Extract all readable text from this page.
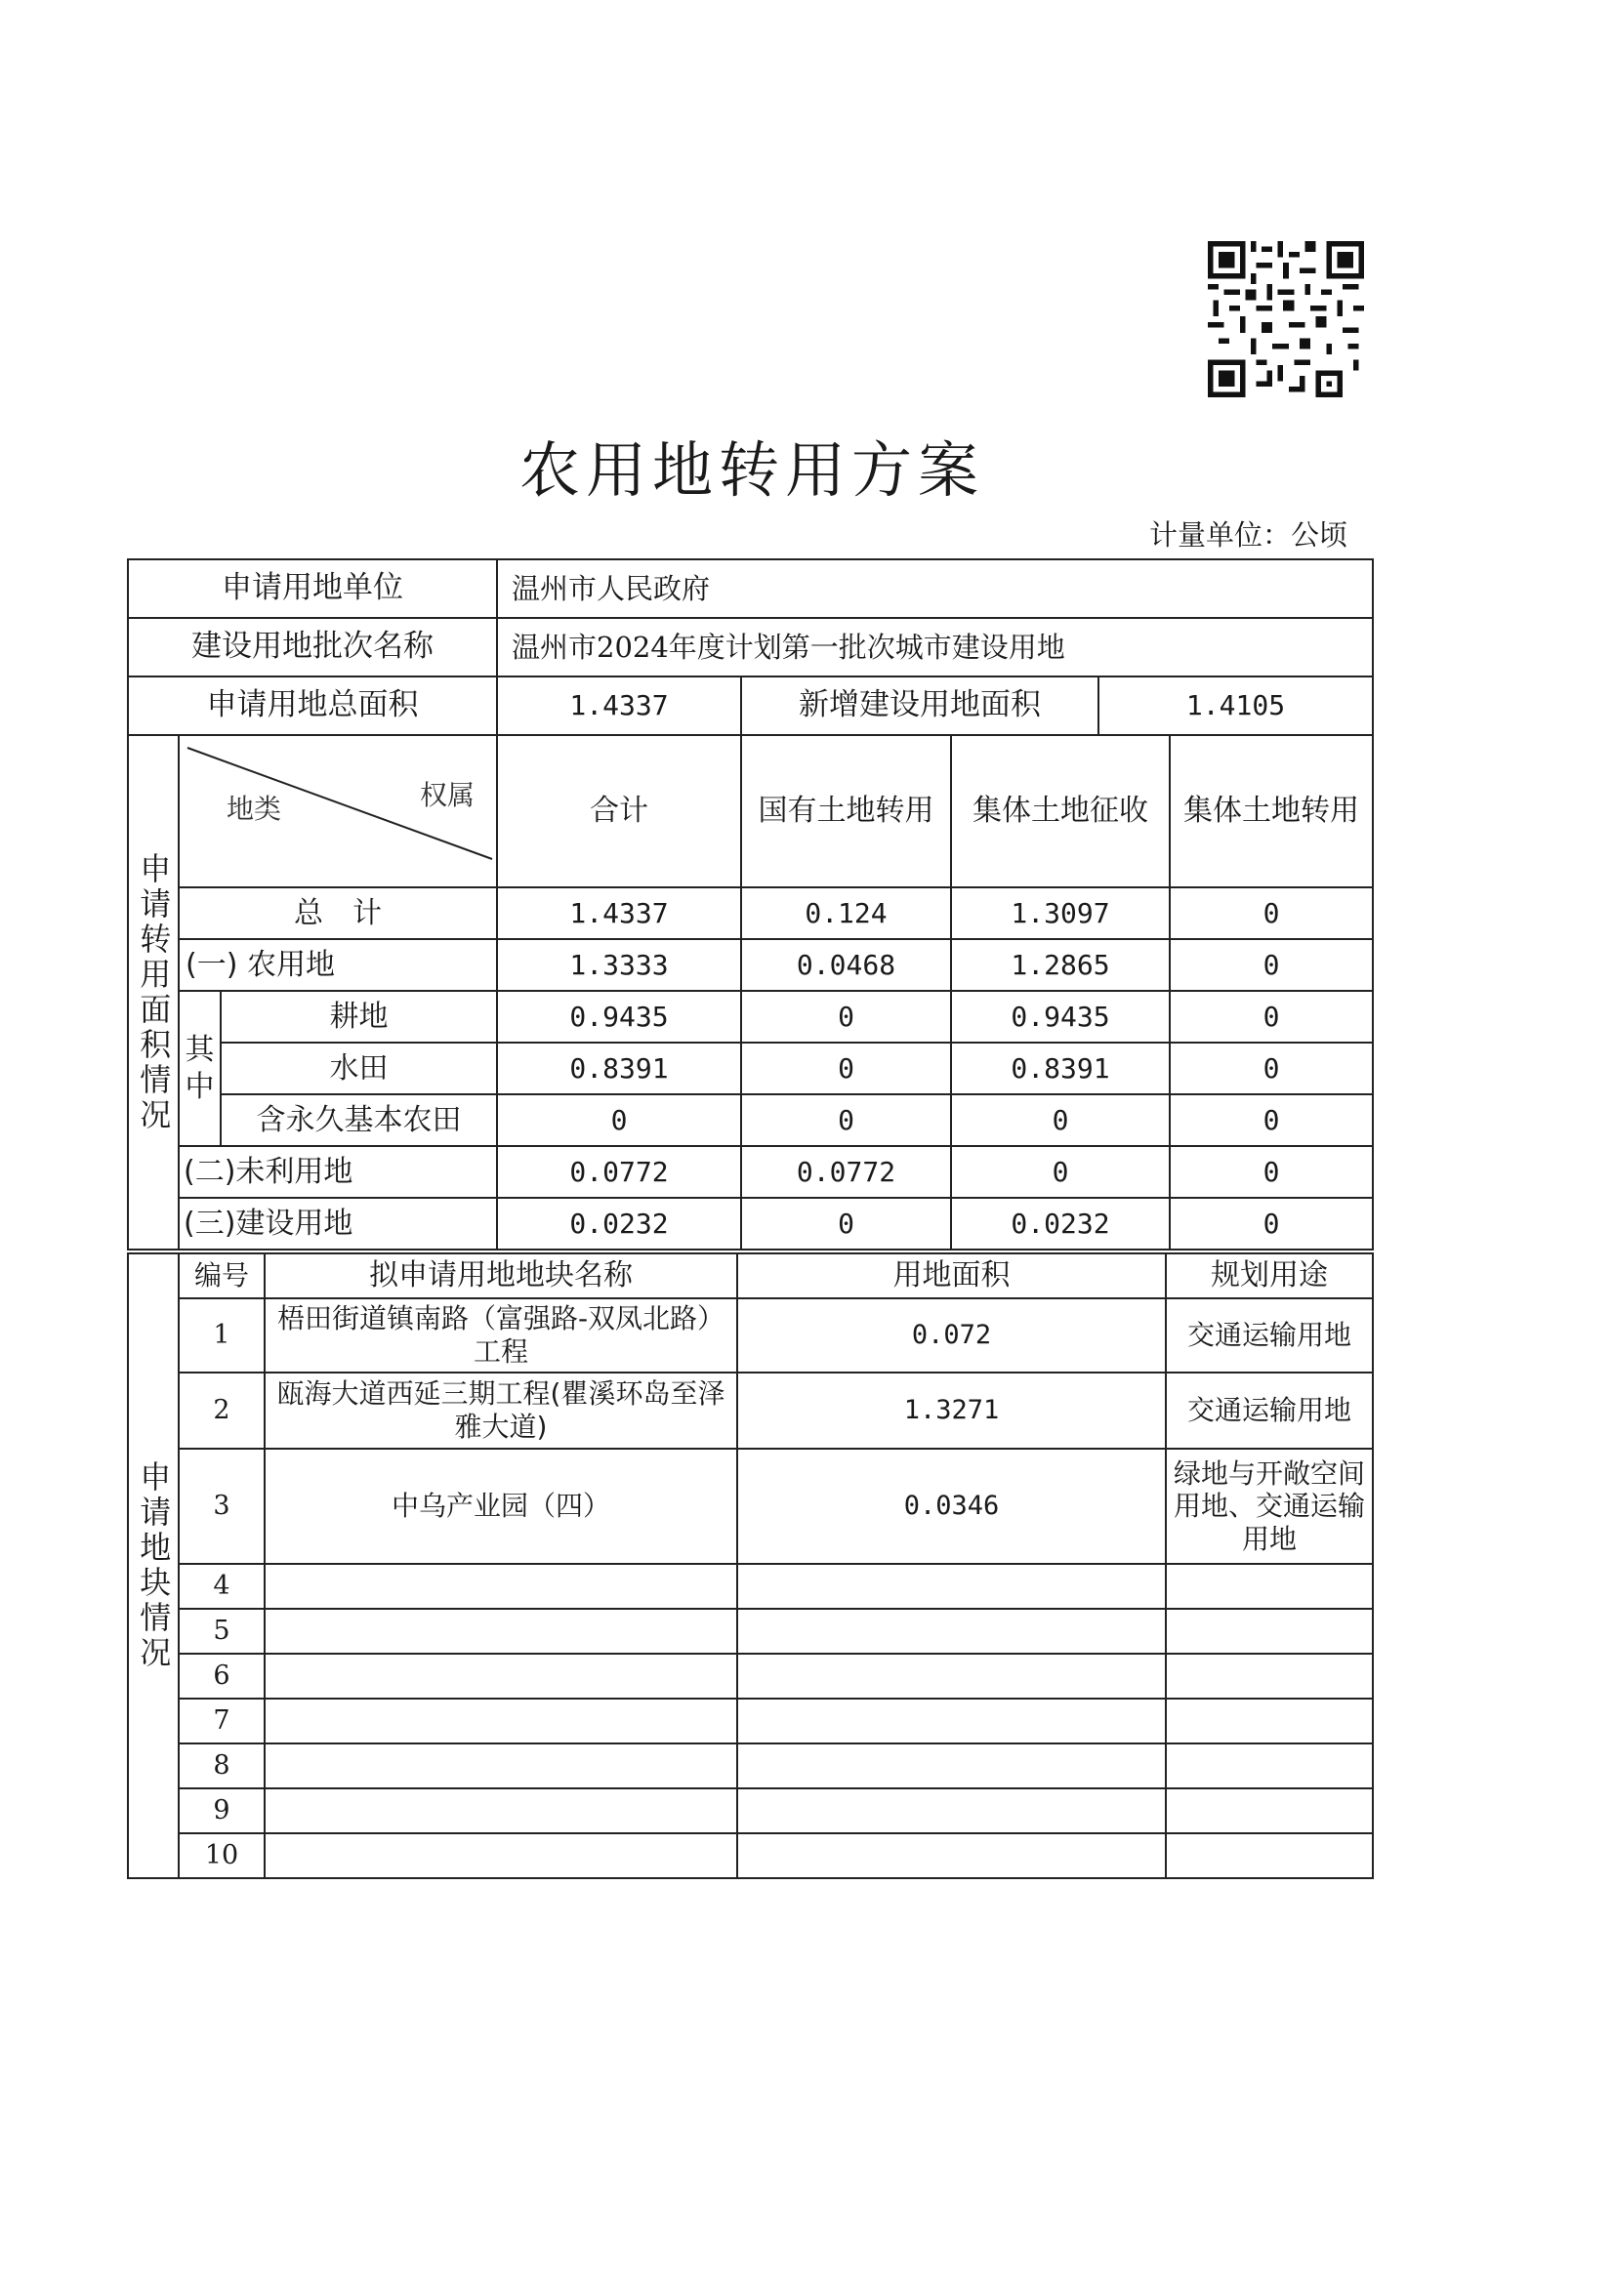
农用地转用方案
计量单位：公顷
申请用地单位	温州市人民政府		
建设用地批次名称	温州市2024年度计划第一批次城市建设用地		
申请用地总面积	1.4337	新增建设用地面积	1.4105
申请转用面积情况	地类 权属		合计	国有土地转用	集体土地征收	集体土地转用
	总　计		1.4337	0.124	1.3097	0
	(一) 农用地		1.3333	0.0468	1.2865	0
	其中	耕地	0.9435	0	0.9435	0
		水田	0.8391	0	0.8391	0
		含永久基本农田	0	0	0	0
	(二)未利用地		0.0772	0.0772	0	0
	(三)建设用地		0.0232	0	0.0232	0
申请地块情况	编号	拟申请用地地块名称	用地面积	规划用途
	1	梧田街道镇南路（富强路-双凤北路）工程	0.072	交通运输用地
	2	瓯海大道西延三期工程(瞿溪环岛至泽雅大道)	1.3271	交通运输用地
	3	中乌产业园（四）	0.0346	绿地与开敞空间用地、交通运输用地
	4			
	5			
	6			
	7			
	8			
	9			
	10			
